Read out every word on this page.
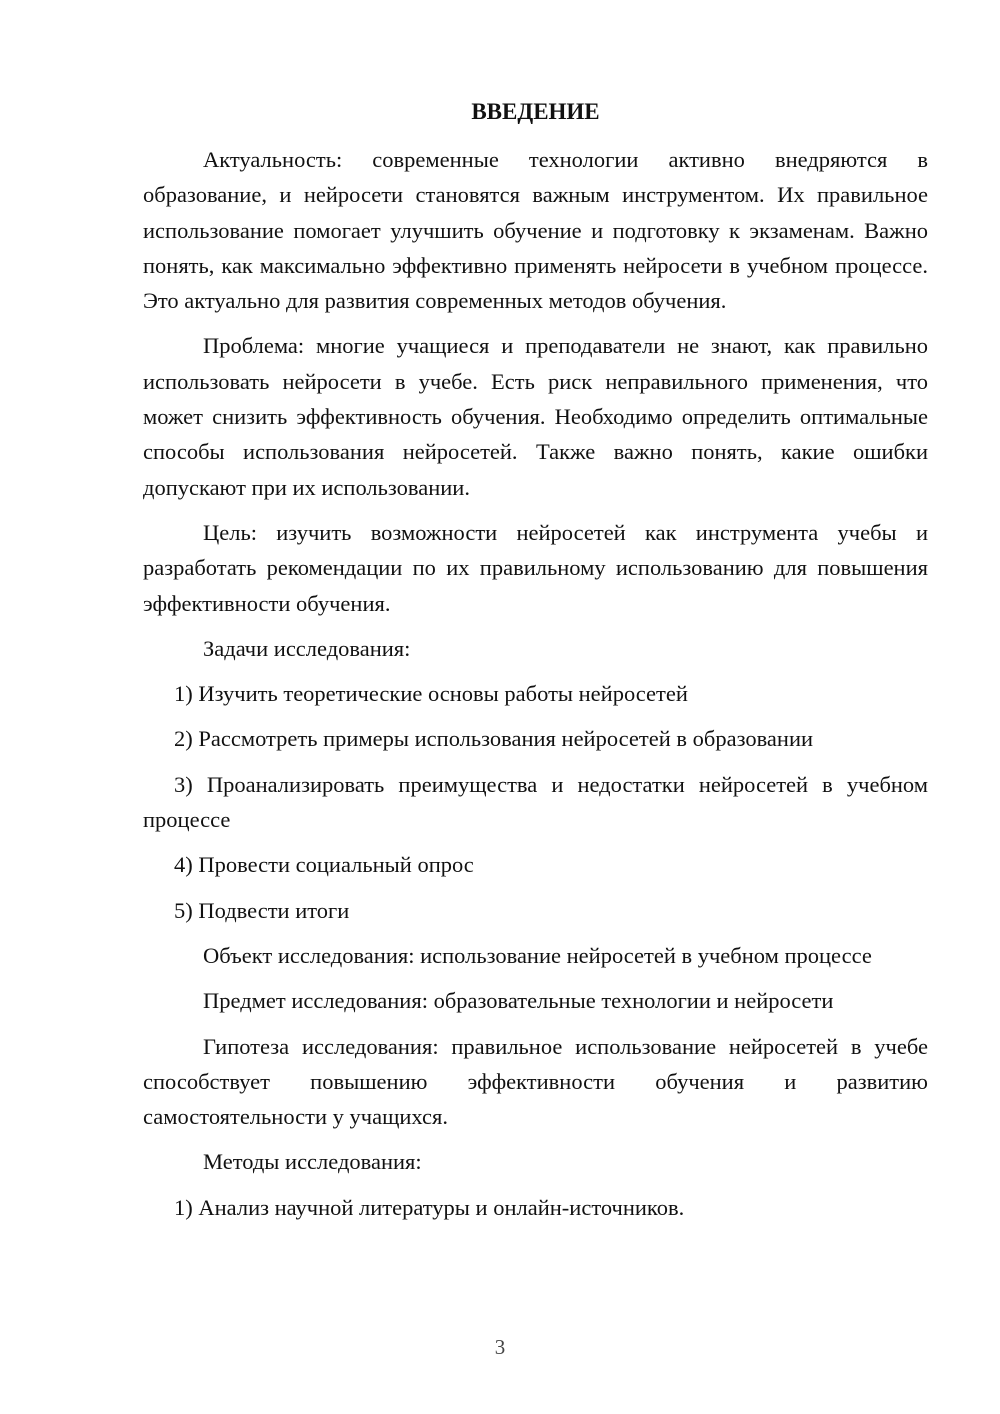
ВВЕДЕНИЕ

Актуальность: современные технологии активно внедряются в образование, и нейросети становятся важным инструментом. Их правильное использование помогает улучшить обучение и подготовку к экзаменам. Важно понять, как максимально эффективно применять нейросети в учебном процессе. Это актуально для развития современных методов обучения.

Проблема: многие учащиеся и преподаватели не знают, как правильно использовать нейросети в учебе. Есть риск неправильного применения, что может снизить эффективность обучения. Необходимо определить оптимальные способы использования нейросетей. Также важно понять, какие ошибки допускают при их использовании.

Цель: изучить возможности нейросетей как инструмента учебы и разработать рекомендации по их правильному использованию для повышения эффективности обучения.

Задачи исследования:

1) Изучить теоретические основы работы нейросетей

2) Рассмотреть примеры использования нейросетей в образовании

3) Проанализировать преимущества и недостатки нейросетей в учебном процессе

4) Провести социальный опрос

5) Подвести итоги

Объект исследования: использование нейросетей в учебном процессе

Предмет исследования: образовательные технологии и нейросети

Гипотеза исследования: правильное использование нейросетей в учебе способствует повышению эффективности обучения и развитию самостоятельности у учащихся.

Методы исследования:

1) Анализ научной литературы и онлайн-источников.

3
